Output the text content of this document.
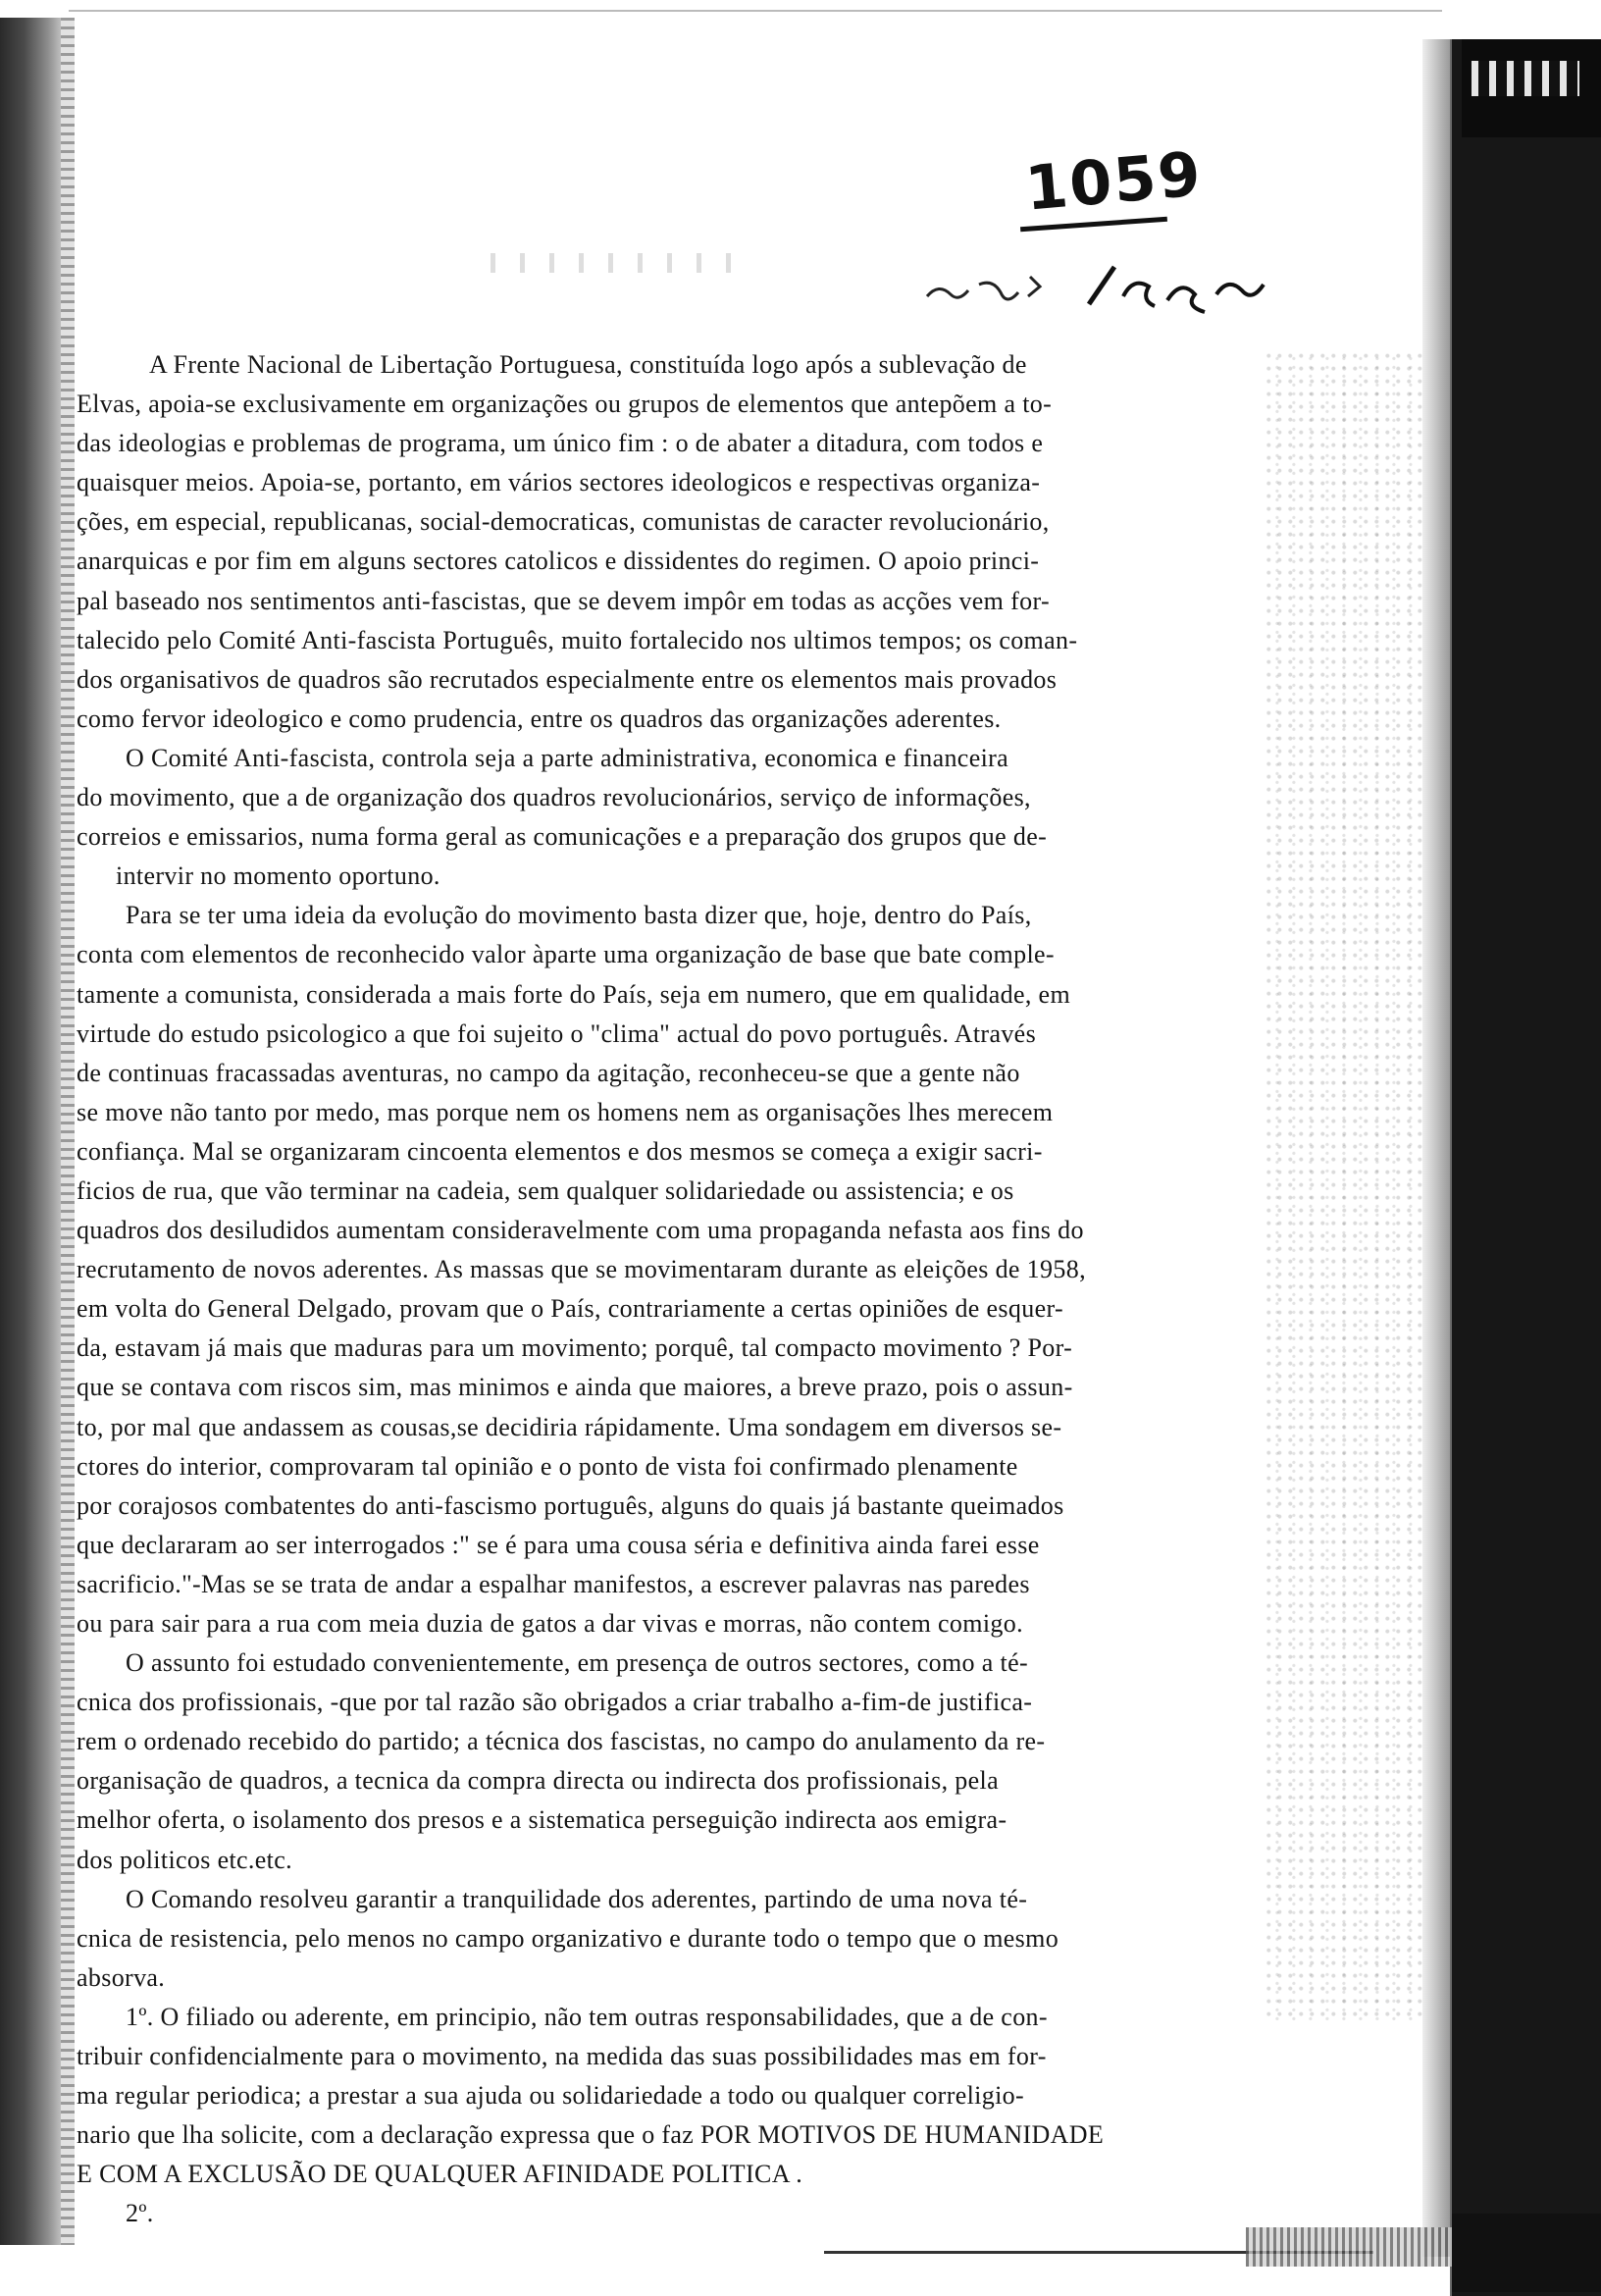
1059
A Frente Nacional de Libertação Portuguesa, constituída logo após a sublevação de
Elvas, apoia-se exclusivamente em organizações ou grupos de elementos que antepõem a to-
das ideologias e problemas de programa, um único fim : o de abater a ditadura, com todos e
quaisquer meios. Apoia-se, portanto, em vários sectores ideologicos e respectivas organiza-
ções, em especial, republicanas, social-democraticas, comunistas de caracter revolucionário,
anarquicas e por fim em alguns sectores catolicos e dissidentes do regimen. O apoio princi-
pal baseado nos sentimentos anti-fascistas, que se devem impôr em todas as acções vem for-
talecido pelo Comité Anti-fascista Português, muito fortalecido nos ultimos tempos; os coman-
dos organisativos de quadros são recrutados especialmente entre os elementos mais provados
como fervor ideologico e como prudencia, entre os quadros das organizações aderentes.
O Comité Anti-fascista, controla seja a parte administrativa, economica e financeira
do movimento, que a de organização dos quadros revolucionários, serviço de informações,
correios e emissarios, numa forma geral as comunicações e a preparação dos grupos que de-
intervir no momento oportuno.
Para se ter uma ideia da evolução do movimento basta dizer que, hoje, dentro do País,
conta com elementos de reconhecido valor àparte uma organização de base que bate comple-
tamente a comunista, considerada a mais forte do País, seja em numero, que em qualidade, em
virtude do estudo psicologico a que foi sujeito o "clima" actual do povo português. Através
de continuas fracassadas aventuras, no campo da agitação, reconheceu-se que a gente não
se move não tanto por medo, mas porque nem os homens nem as organisações lhes merecem
confiança. Mal se organizaram cincoenta elementos e dos mesmos se começa a exigir sacri-
ficios de rua, que vão terminar na cadeia, sem qualquer solidariedade ou assistencia; e os
quadros dos desiludidos aumentam consideravelmente com uma propaganda nefasta aos fins do
recrutamento de novos aderentes. As massas que se movimentaram durante as eleições de 1958,
em volta do General Delgado, provam que o País, contrariamente a certas opiniões de esquer-
da, estavam já mais que maduras para um movimento; porquê, tal compacto movimento ? Por-
que se contava com riscos sim, mas minimos e ainda que maiores, a breve prazo, pois o assun-
to, por mal que andassem as cousas,se decidiria rápidamente. Uma sondagem em diversos se-
ctores do interior, comprovaram tal opinião e o ponto de vista foi confirmado plenamente
por corajosos combatentes do anti-fascismo português, alguns do quais já bastante queimados
que declararam ao ser interrogados :" se é para uma cousa séria e definitiva ainda farei esse
sacrificio."-Mas se se trata de andar a espalhar manifestos, a escrever palavras nas paredes
ou para sair para a rua com meia duzia de gatos a dar vivas e morras, não contem comigo.
O assunto foi estudado convenientemente, em presença de outros sectores, como a té-
cnica dos profissionais, -que por tal razão são obrigados a criar trabalho a-fim-de justifica-
rem o ordenado recebido do partido; a técnica dos fascistas, no campo do anulamento da re-
organisação de quadros, a tecnica da compra directa ou indirecta dos profissionais, pela
melhor oferta, o isolamento dos presos e a sistematica perseguição indirecta aos emigra-
dos politicos etc.etc.
O Comando resolveu garantir a tranquilidade dos aderentes, partindo de uma nova té-
cnica de resistencia, pelo menos no campo organizativo e durante todo o tempo que o mesmo
absorva.
1º. O filiado ou aderente, em principio, não tem outras responsabilidades, que a de con-
tribuir confidencialmente para o movimento, na medida das suas possibilidades mas em for-
ma regular periodica; a prestar a sua ajuda ou solidariedade a todo ou qualquer correligio-
nario que lha solicite, com a declaração expressa que o faz POR MOTIVOS DE HUMANIDADE
E COM A EXCLUSÃO DE QUALQUER AFINIDADE POLITICA .
2º.
